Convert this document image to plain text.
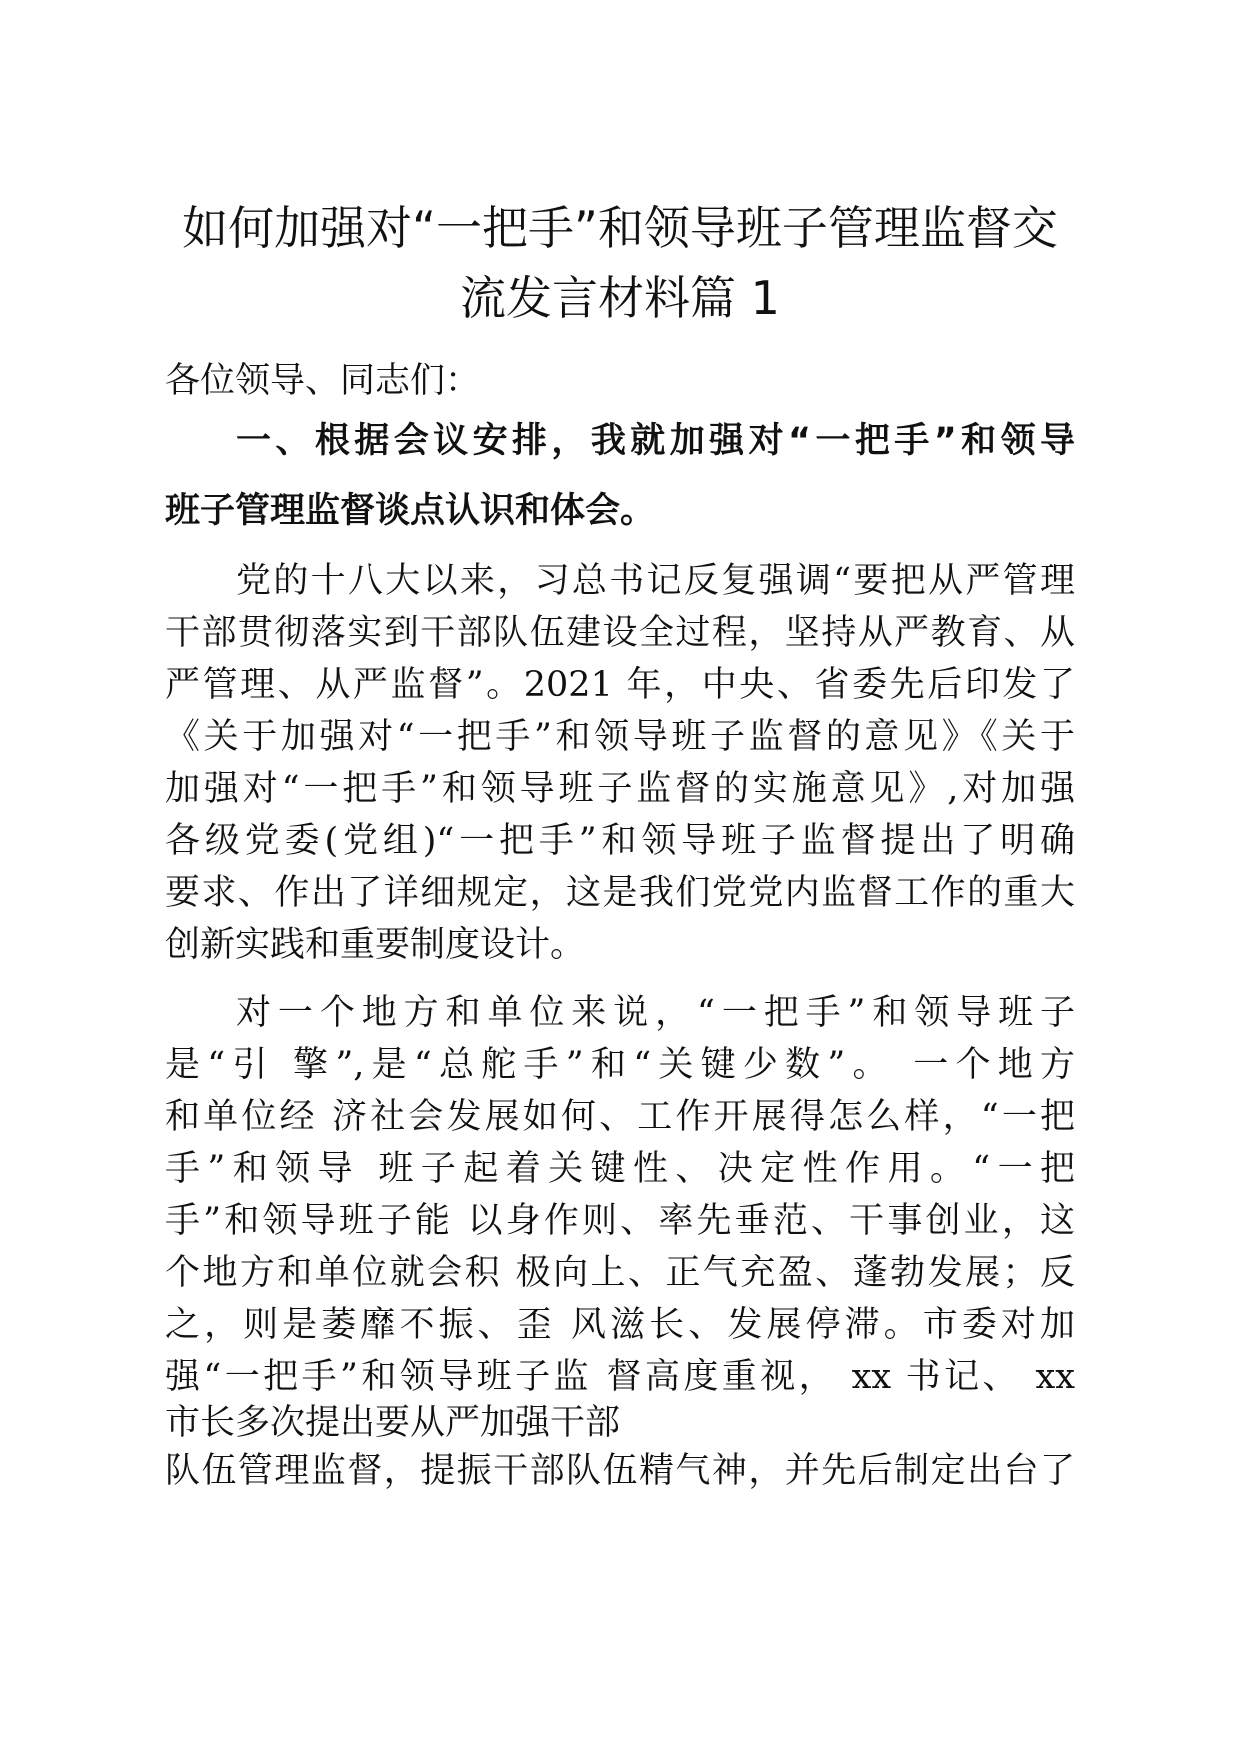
如何加强对“一把手”和领导班子管理监督交
流发言材料篇 1
各位领导、同志们：
一、根据会议安排，我就加强对“一把手”和领导
班子管理监督谈点认识和体会。
党的十八大以来，习总书记反复强调“要把从严管理
干部贯彻落实到干部队伍建设全过程，坚持从严教育、从
严管理、从严监督”。2021 年，中央、省委先后印发了
《关于加强对“一把手”和领导班子监督的意见》《关于
加强对“一把手”和领导班子监督的实施意见》,对加强
各级党委(党组)“一把手”和领导班子监督提出了明确
要求、作出了详细规定，这是我们党党内监督工作的重大
创新实践和重要制度设计。
对一个地方和单位来说，“一把手”和领导班子
是“引 擎”,是“总舵手”和“关键少数”。 一个地方
和单位经 济社会发展如何、工作开展得怎么样，“一把
手”和领导 班子起着关键性、决定性作用。“一把
手”和领导班子能 以身作则、率先垂范、干事创业，这
个地方和单位就会积 极向上、正气充盈、蓬勃发展；反
之，则是萎靡不振、歪 风滋长、发展停滞。市委对加
强“一把手”和领导班子监 督高度重视， xx 书记、 xx
市长多次提出要从严加强干部
队伍管理监督，提振干部队伍精气神，并先后制定出台了
